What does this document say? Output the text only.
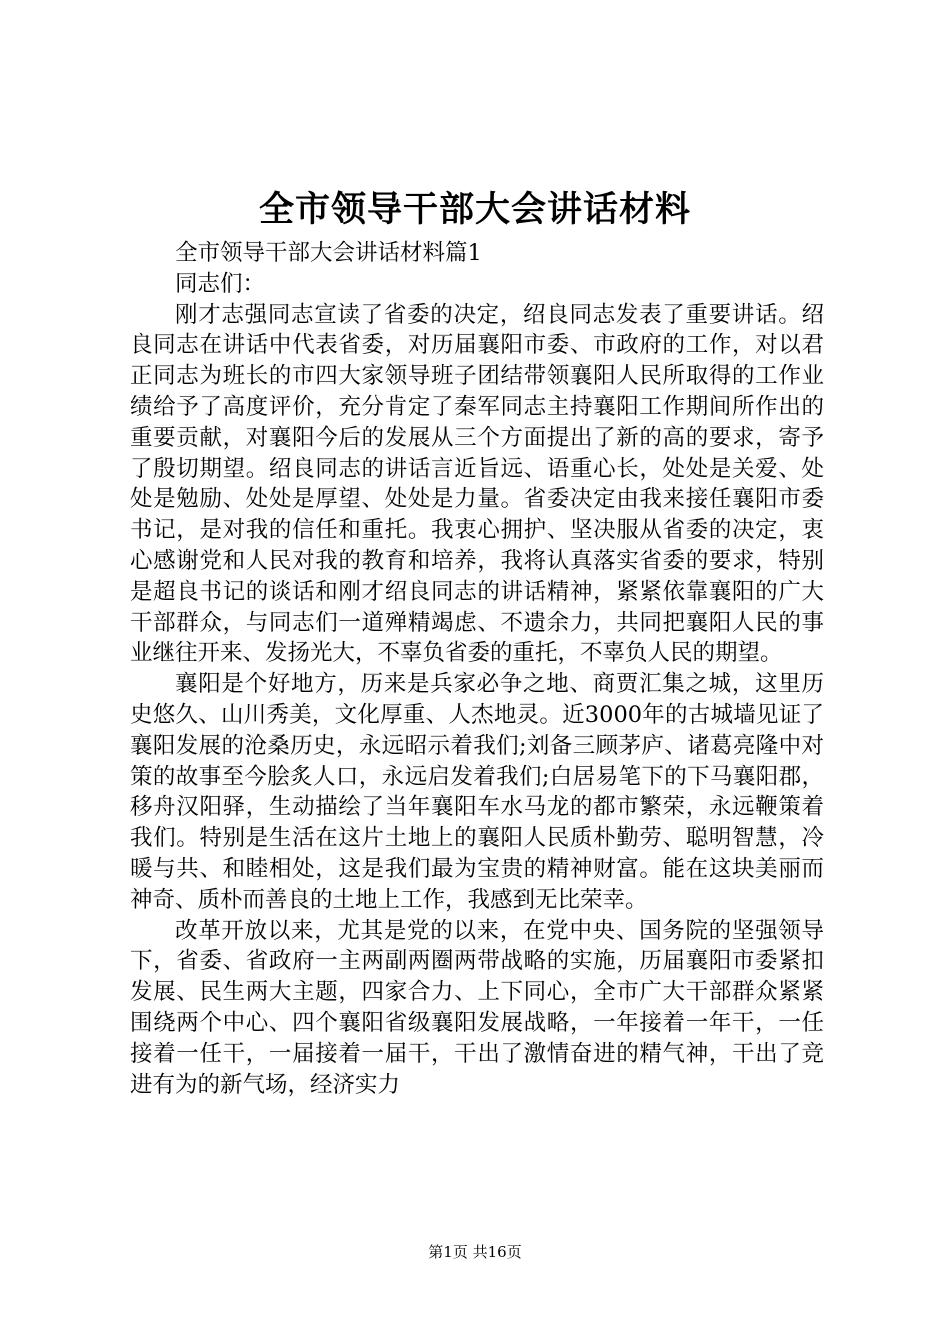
全市领导干部大会讲话材料

全市领导干部大会讲话材料篇1

同志们：

刚才志强同志宣读了省委的决定，绍良同志发表了重要讲话。绍良同志在讲话中代表省委，对历届襄阳市委、市政府的工作，对以君正同志为班长的市四大家领导班子团结带领襄阳人民所取得的工作业绩给予了高度评价，充分肯定了秦军同志主持襄阳工作期间所作出的重要贡献，对襄阳今后的发展从三个方面提出了新的高的要求，寄予了殷切期望。绍良同志的讲话言近旨远、语重心长，处处是关爱、处处是勉励、处处是厚望、处处是力量。省委决定由我来接任襄阳市委书记，是对我的信任和重托。我衷心拥护、坚决服从省委的决定，衷心感谢党和人民对我的教育和培养，我将认真落实省委的要求，特别是超良书记的谈话和刚才绍良同志的讲话精神，紧紧依靠襄阳的广大干部群众，与同志们一道殚精竭虑、不遗余力，共同把襄阳人民的事业继往开来、发扬光大，不辜负省委的重托，不辜负人民的期望。

襄阳是个好地方，历来是兵家必争之地、商贾汇集之城，这里历史悠久、山川秀美，文化厚重、人杰地灵。近3000年的古城墙见证了襄阳发展的沧桑历史，永远昭示着我们;刘备三顾茅庐、诸葛亮隆中对策的故事至今脍炙人口，永远启发着我们;白居易笔下的下马襄阳郡，移舟汉阳驿，生动描绘了当年襄阳车水马龙的都市繁荣，永远鞭策着我们。特别是生活在这片土地上的襄阳人民质朴勤劳、聪明智慧，冷暖与共、和睦相处，这是我们最为宝贵的精神财富。能在这块美丽而神奇、质朴而善良的土地上工作，我感到无比荣幸。

改革开放以来，尤其是党的以来，在党中央、国务院的坚强领导下，省委、省政府一主两副两圈两带战略的实施，历届襄阳市委紧扣发展、民生两大主题，四家合力、上下同心，全市广大干部群众紧紧围绕两个中心、四个襄阳省级襄阳发展战略，一年接着一年干，一任接着一任干，一届接着一届干，干出了激情奋进的精气神，干出了竞进有为的新气场，经济实力

第1页 共16页
